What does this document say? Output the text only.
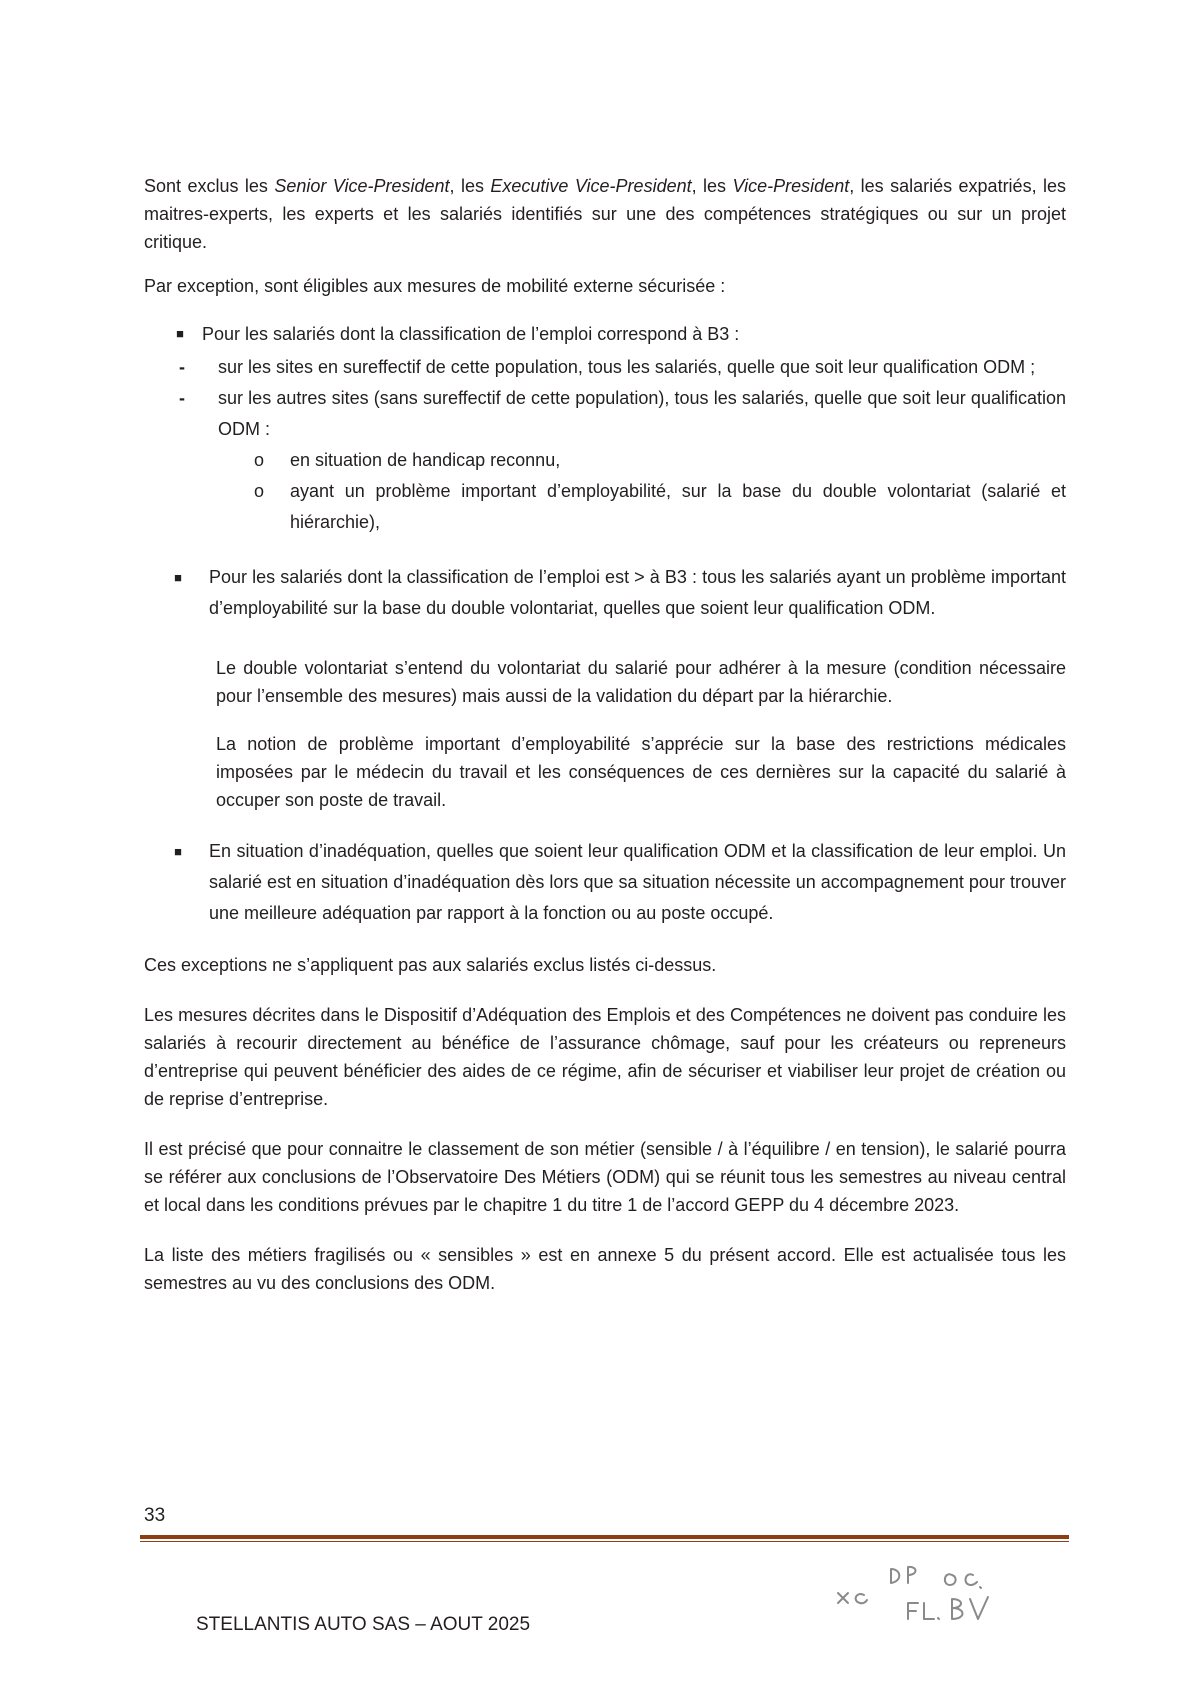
Sont exclus les Senior Vice-President, les Executive Vice-President, les Vice-President, les salariés expatriés, les maitres-experts, les experts et les salariés identifiés sur une des compétences stratégiques ou sur un projet critique.

Par exception, sont éligibles aux mesures de mobilité externe sécurisée :

■ Pour les salariés dont la classification de l’emploi correspond à B3 :
- sur les sites en sureffectif de cette population, tous les salariés, quelle que soit leur qualification ODM ;
- sur les autres sites (sans sureffectif de cette population), tous les salariés, quelle que soit leur qualification ODM :
o en situation de handicap reconnu,
o ayant un problème important d’employabilité, sur la base du double volontariat (salarié et hiérarchie),
■ Pour les salariés dont la classification de l’emploi est > à B3 : tous les salariés ayant un problème important d’employabilité sur la base du double volontariat, quelles que soient leur qualification ODM.

Le double volontariat s’entend du volontariat du salarié pour adhérer à la mesure (condition nécessaire pour l’ensemble des mesures) mais aussi de la validation du départ par la hiérarchie.

La notion de problème important d’employabilité s’apprécie sur la base des restrictions médicales imposées par le médecin du travail et les conséquences de ces dernières sur la capacité du salarié à occuper son poste de travail.

■ En situation d’inadéquation, quelles que soient leur qualification ODM et la classification de leur emploi. Un salarié est en situation d’inadéquation dès lors que sa situation nécessite un accompagnement pour trouver une meilleure adéquation par rapport à la fonction ou au poste occupé.

Ces exceptions ne s’appliquent pas aux salariés exclus listés ci-dessus.

Les mesures décrites dans le Dispositif d’Adéquation des Emplois et des Compétences ne doivent pas conduire les salariés à recourir directement au bénéfice de l’assurance chômage, sauf pour les créateurs ou repreneurs d’entreprise qui peuvent bénéficier des aides de ce régime, afin de sécuriser et viabiliser leur projet de création ou de reprise d’entreprise.

Il est précisé que pour connaitre le classement de son métier (sensible / à l’équilibre / en tension), le salarié pourra se référer aux conclusions de l’Observatoire Des Métiers (ODM) qui se réunit tous les semestres au niveau central et local dans les conditions prévues par le chapitre 1 du titre 1 de l’accord GEPP du 4 décembre 2023.

La liste des métiers fragilisés ou « sensibles » est en annexe 5 du présent accord. Elle est actualisée tous les semestres au vu des conclusions des ODM.

33
STELLANTIS AUTO SAS – AOUT 2025
